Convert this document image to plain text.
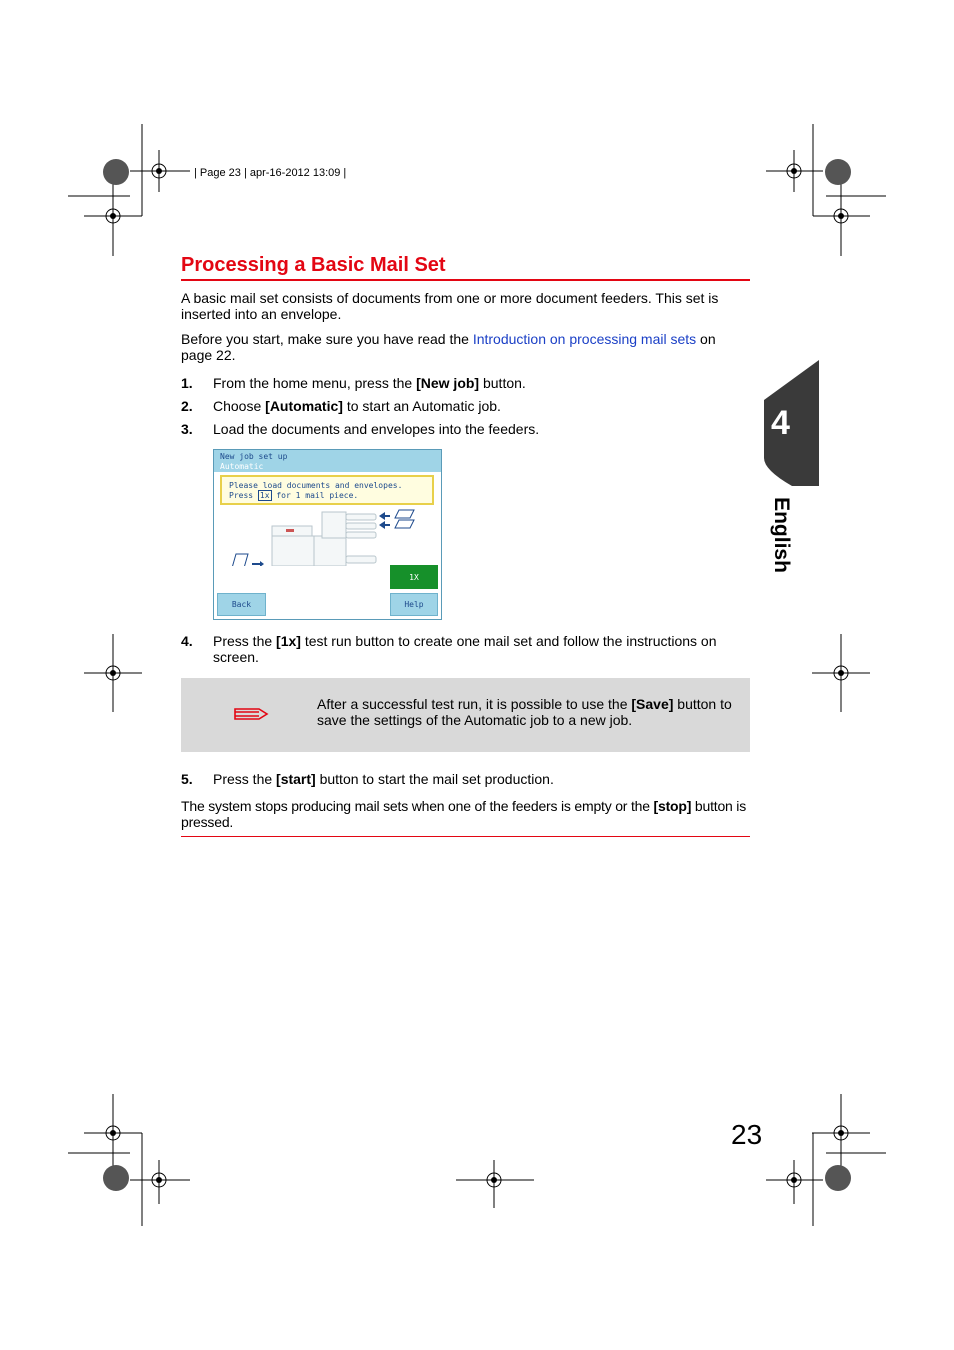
| Page 23 | apr-16-2012 13:09 |
Processing a Basic Mail Set
A basic mail set consists of documents from one or more document feeders. This set is inserted into an envelope.
Before you start, make sure you have read the Introduction on processing mail sets on page 22.
1. From the home menu, press the [New job] button.
2. Choose [Automatic] to start an Automatic job.
3. Load the documents and envelopes into the feeders.
New job set up
Automatic
Please load documents and envelopes.
Press 1x for 1 mail piece.
1X
Back	Help
4. Press the [1x] test run button to create one mail set and follow the instructions on screen.
After a successful test run, it is possible to use the [Save] button to save the settings of the Automatic job to a new job.
5. Press the [start] button to start the mail set production.
The system stops producing mail sets when one of the feeders is empty or the [stop] button is pressed.
4
English
23
